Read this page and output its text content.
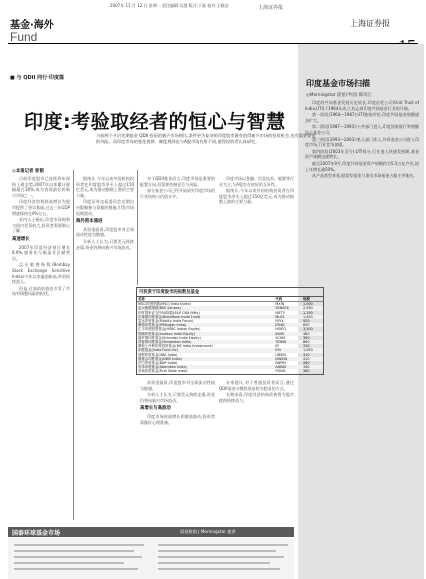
2007年 11 月 12 日 星期一 责任编辑:吴越 版式:于磊 校对:王晓洁	上海证券报
基金·海外
Fund
上海证券报
■ 与 QDII 同行·印度篇
印度:考验取经者的恒心与智慧
与前两个开启先期基金 QDII 投资的新兴市场相比,条件更为复杂的印度股市既有值得新兴市场的投资机会,也有需要警觉的风险。而印度市场的变化规律、制度规则也与A股市场有所不同,值得投资者认真研究。
◎本报记者 张韬

目前印度股市已连续四年保持上涨态势,2007年以来累计涨幅超过30%,成为表现最好的新兴市场之一。

印度经济的持续高增长为股市提供了坚实基础,过去三年GDP增速保持在9%左右。

业内人士指出,印度市场规则与国内差异较大,投资者需要耐心了解。

高速增长

2007年印度经济预计增长8.9%,服务业与制造业贡献突出。

孟买敏感指数(Bombay Stock Exchange Sensitive Index)今年以来屡创新高,外资持续流入。

但是,过高的估值也引发了市场对调整风险的担忧。

据统计,今年以来外国机构投资者在印度股市净买入超过150亿美元,成为推动指数上涨的主要力量。

印度证券交易委员会近期出台限制参与票据的措施,引发市场短期波动。

海外资本涌进

从资金面看,印度股市对全球流动性较为敏感。

分析人士认为,只要美元持续走弱,资金仍将向新兴市场流动。

对于QDII基金而言,印度市场是重要的配置方向,但需要控制仓位与风险。

部分基金公司已经开始研究印度市场的行业结构与估值水平。

印度市场以金融、信息技术、能源等行业为主,与A股存在较好的互补性。

据统计,今年以来外国机构投资者在印度股市净买入超过150亿美元,成为推动指数上涨的主要力量。

可投资于印度股市的指数及基金
名称	代码	规模
MSCI印度指数(MSCI India Index)	MXIN	1,000
孟买敏感指数(BSE Sensex)	SENSEX	2,590
印度国家证交所50指数(S&P CNX Nifty)	NIFTY	1,190
贝莱德印度基金(BlackRock India Fund)	MLIIX	1,450
富达印度基金(Fidelity India Focus)	FIFIX	920
摩根印度基金(JPMorgan India)	JFIND	650
汇丰印度股票基金(HSBC Indian Equity)	HSIEQ	3,200
景顺印度基金(Invesco India Equity)	INVIE	480
施罗德印度基金(Schroder India Equity)	SCHIE	390
邓普顿印度基金(Templeton India)	TEMIN	860
摩根士丹利印度投资基金(MS India Investment)	IIF	720
印度基金(India Fund Inc)	IFN	1,050
瑞银印度基金(UBS India)	UBSIN	310
德意志印度基金(DWS India)	DWSIN	410
法巴印度基金(BNP India)	BNPIN	280
安本印度基金(Aberdeen India)	ABIND	340
首域印度基金(First State India)	FSIND	360

从资金面看,印度股市对全球流动性较为敏感。

分析人士认为,只要美元持续走弱,资金仍将向新兴市场流动。

高增长与高波动

印度市场的高增长伴随高波动,投资者需做好心理准备。

专家建议,对于普通投资者而言,通过QDII基金分散投资是较为稳妥的方式。

长期来看,印度经济结构改善将为股市提供持续动力。

印度基金市场扫描
◎Morningstar 晨星(中国) 陈岚江

印度的共同基金发展历史较长,印度信托公司(Unit Trust of India,UTI)于1964年成立,标志着印度共同基金行业的开端。

第一阶段(1964—1987):UTI独家经营,印度共同基金规模逐步扩大。

第二阶段(1987—1993):公共部门进入,印度国家银行等相继设立基金公司。

第三阶段(1993—2003):私人部门准入,外资基金公司进入印度市场,行业竞争加剧。

第四阶段(2003年至今):UTI拆分,行业进入快速发展期,基金资产规模迅速增长。

截至2007年9月,印度共同基金资产规模约为5.5万亿卢比,较上年增长逾50%。

从产品类型来看,股票型基金与货币市场基金占据主导地位。

国泰环球基金市场	晨星数据 | Morningstar 提供
